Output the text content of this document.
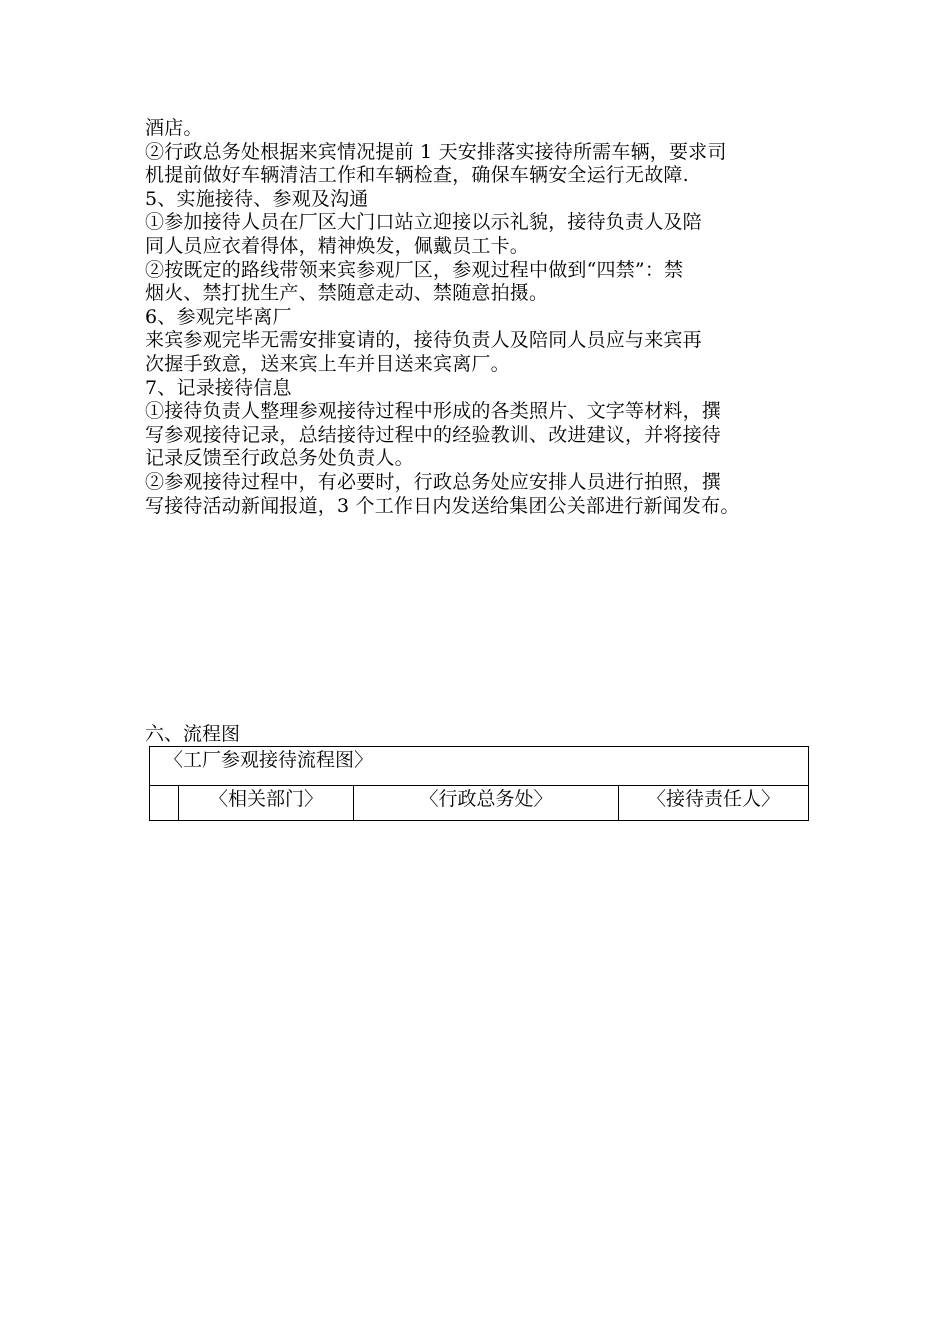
酒店。

②行政总务处根据来宾情况提前 1 天安排落实接待所需车辆，要求司

机提前做好车辆清洁工作和车辆检查，确保车辆安全运行无故障.

5、实施接待、参观及沟通

①参加接待人员在厂区大门口站立迎接以示礼貌，接待负责人及陪

同人员应衣着得体，精神焕发，佩戴员工卡。

②按既定的路线带领来宾参观厂区，参观过程中做到“四禁”：禁

烟火、禁打扰生产、禁随意走动、禁随意拍摄。

6、参观完毕离厂

来宾参观完毕无需安排宴请的，接待负责人及陪同人员应与来宾再

次握手致意，送来宾上车并目送来宾离厂。

7、记录接待信息

①接待负责人整理参观接待过程中形成的各类照片、文字等材料，撰

写参观接待记录，总结接待过程中的经验教训、改进建议，并将接待

记录反馈至行政总务处负责人。

②参观接待过程中，有必要时，行政总务处应安排人员进行拍照，撰

写接待活动新闻报道，3 个工作日内发送给集团公关部进行新闻发布。

六、流程图
〈工厂参观接待流程图〉
	〈相关部门〉	〈行政总务处〉	〈接待责任人〉
